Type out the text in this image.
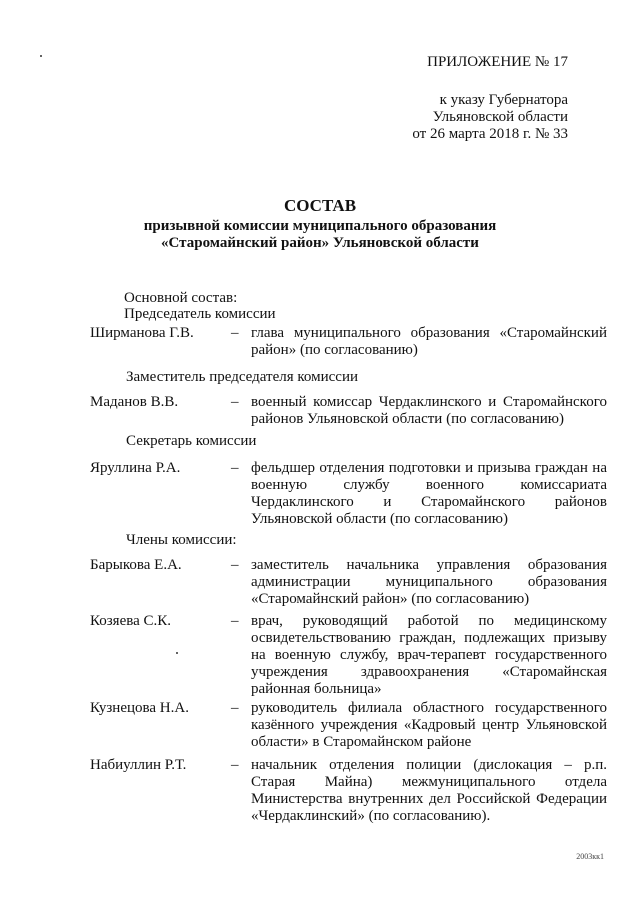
ПРИЛОЖЕНИЕ № 17
к указу Губернатора
Ульяновской области
от 26 марта 2018 г. № 33
СОСТАВ
призывной комиссии муниципального образования
«Старомайнский район» Ульяновской области
Основной состав:
Председатель комиссии
Ширманова Г.В. – глава муниципального образования «Старомайнский район» (по согласованию)
Заместитель председателя комиссии
Маданов В.В.	– военный комиссар Чердаклинского и Старомайнского районов Ульяновской области (по согласованию)
Секретарь комиссии
Яруллина Р.А.	– фельдшер отделения подготовки и призыва граждан на военную службу военного комиссариата Чердаклинского и Старомайнского районов Ульяновской области (по согласованию)
Члены комиссии:
Барыкова Е.А.	– заместитель начальника управления образования администрации муниципального образования «Старомайнский район» (по согласованию)
Козяева С.К.	– врач, руководящий работой по медицинскому освидетельствованию граждан, подлежащих призыву на военную службу, врач-терапевт государственного учреждения здравоохранения «Старомайнская районная больница»
Кузнецова Н.А.	– руководитель филиала областного государственного казённого учреждения «Кадровый центр Ульяновской области» в Старомайнском районе
Набиуллин Р.Т.	– начальник отделения полиции (дислокация – р.п. Старая Майна) межмуниципального отдела Министерства внутренних дел Российской Федерации «Чердаклинский» (по согласованию).
2003кк1
